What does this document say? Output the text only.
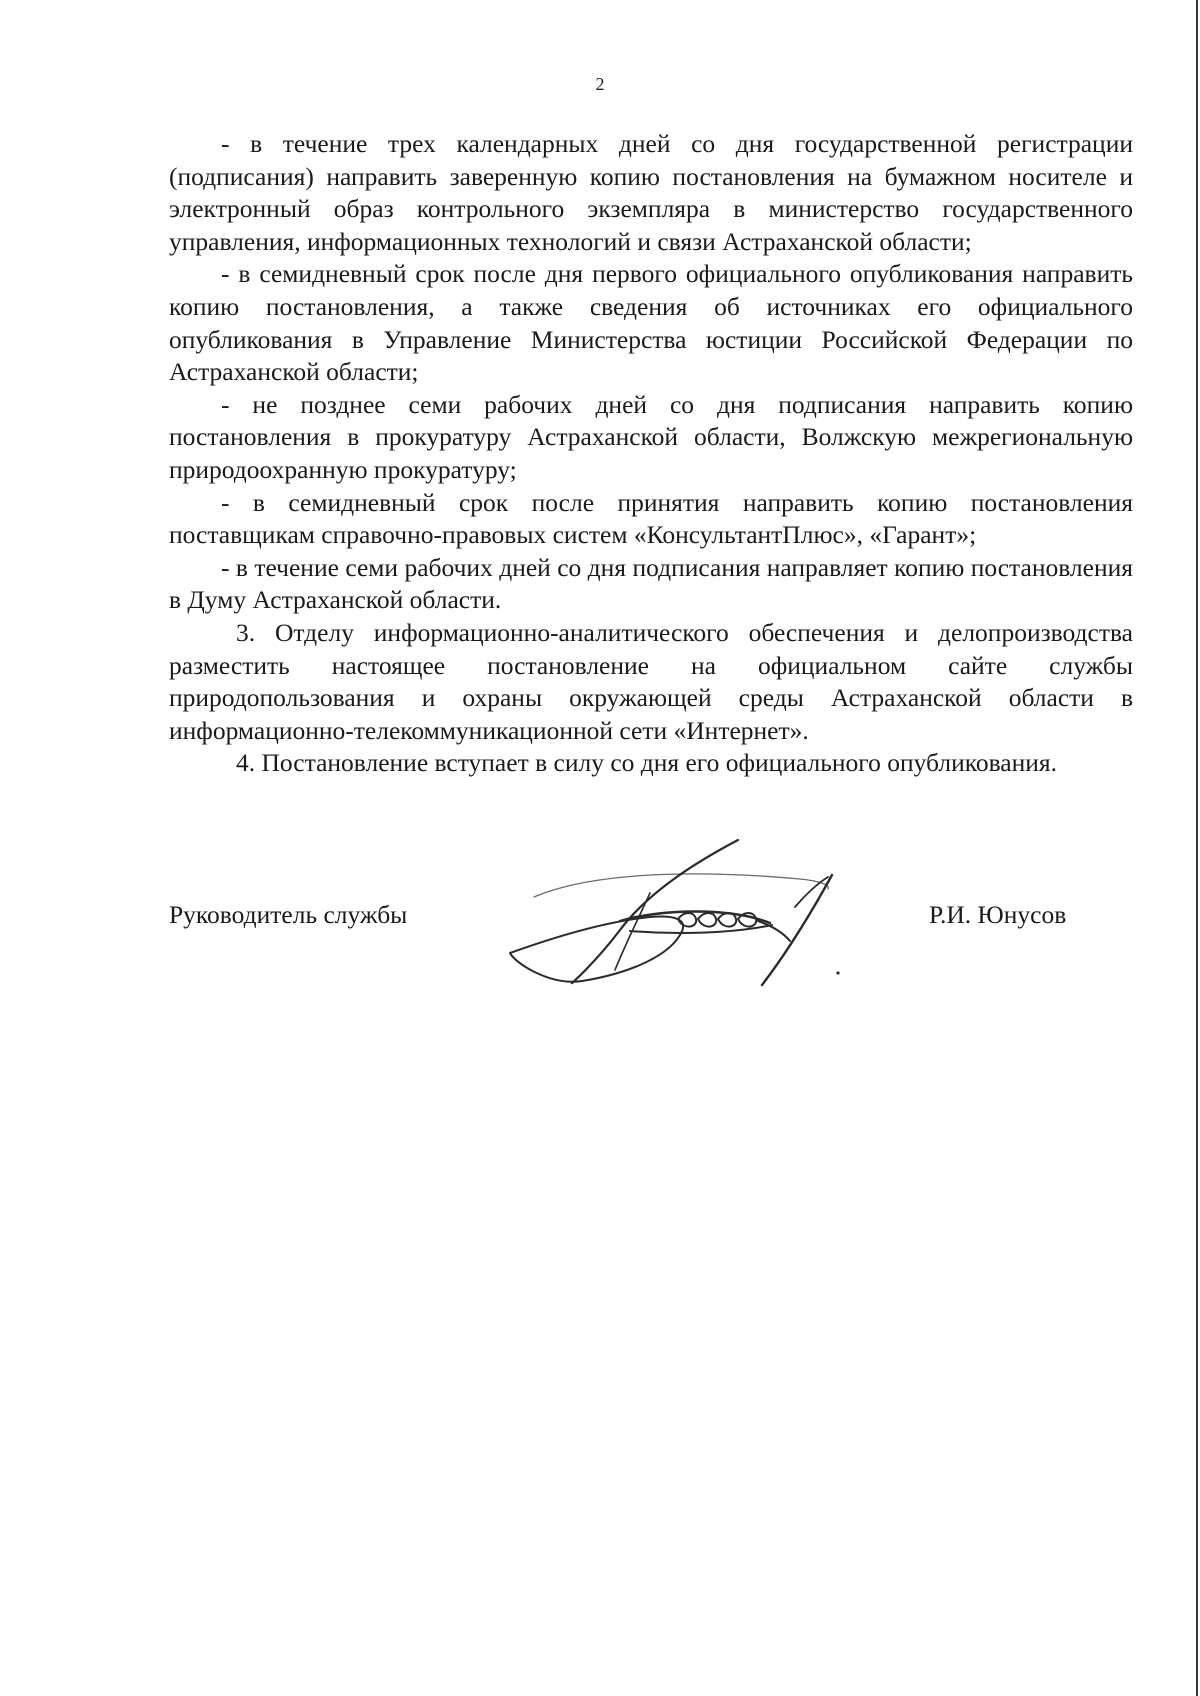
2

- в течение трех календарных дней со дня государственной регистрации (подписания) направить заверенную копию постановления на бумажном носителе и электронный образ контрольного экземпляра в министерство государственного управления, информационных технологий и связи Астраханской области;

- в семидневный срок после дня первого официального опубликования направить копию постановления, а также сведения об источниках его официального опубликования в Управление Министерства юстиции Российской Федерации по Астраханской области;

- не позднее семи рабочих дней со дня подписания направить копию постановления в прокуратуру Астраханской области, Волжскую межрегиональную природоохранную прокуратуру;

- в семидневный срок после принятия направить копию постановления поставщикам справочно-правовых систем «КонсультантПлюс», «Гарант»;

- в течение семи рабочих дней со дня подписания направляет копию постановления в Думу Астраханской области.

3. Отделу информационно-аналитического обеспечения и делопроизводства разместить настоящее постановление на официальном сайте службы природопользования и охраны окружающей среды Астраханской области в информационно-телекоммуникационной сети «Интернет».

4. Постановление вступает в силу со дня его официального опубликования.

Руководитель службы	Р.И. Юнусов
